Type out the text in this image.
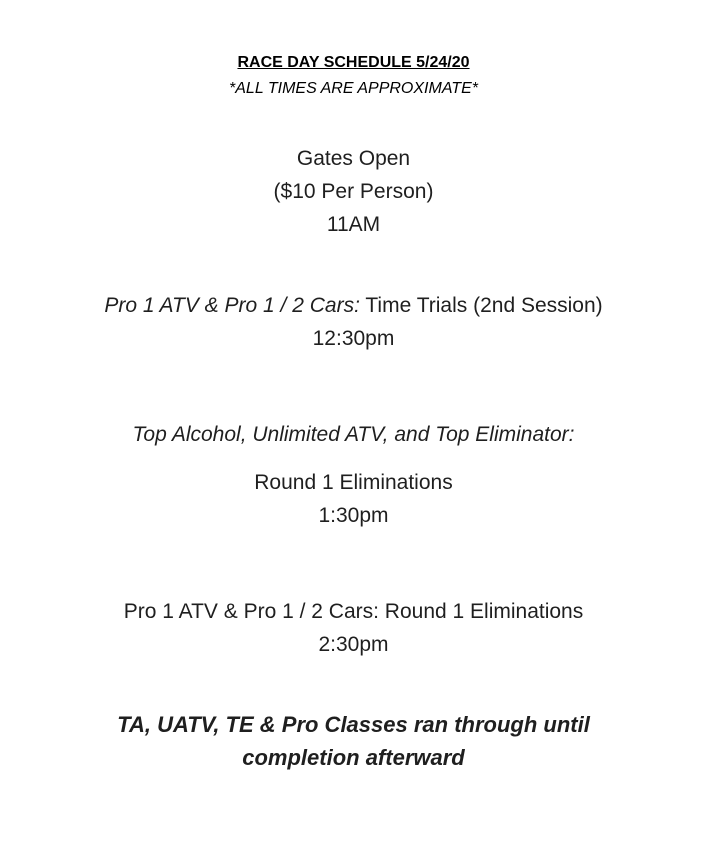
RACE DAY SCHEDULE 5/24/20
*ALL TIMES ARE APPROXIMATE*
Gates Open
($10 Per Person)
11AM
Pro 1 ATV & Pro 1 / 2 Cars: Time Trials (2nd Session)
12:30pm
Top Alcohol, Unlimited ATV, and Top Eliminator:
Round 1 Eliminations
1:30pm
Pro 1 ATV & Pro 1 / 2 Cars: Round 1 Eliminations
2:30pm
TA, UATV, TE & Pro Classes ran through until
completion afterward
